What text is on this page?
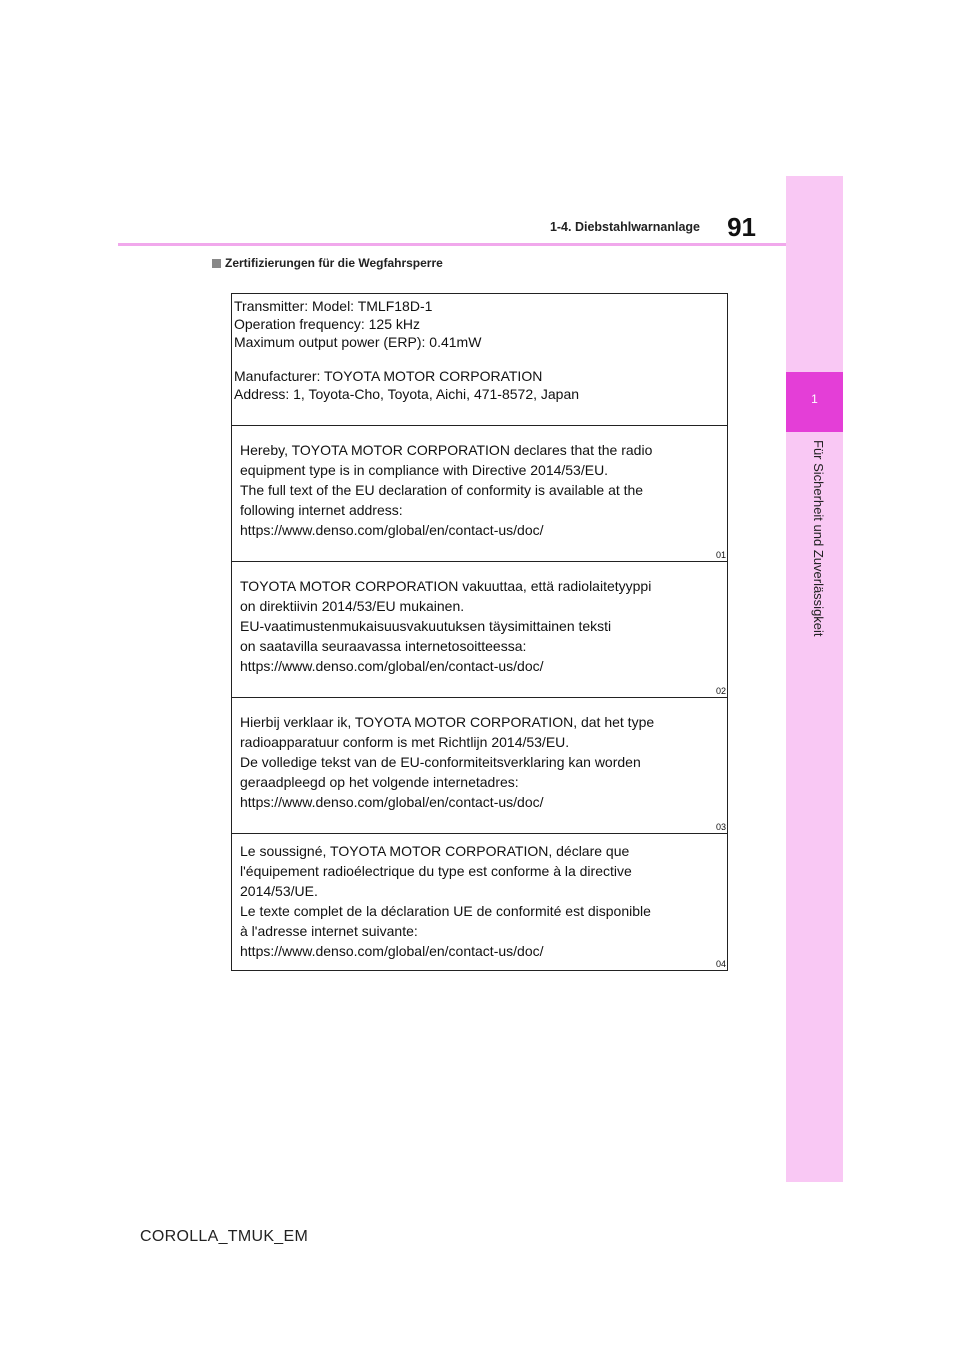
1
Für Sicherheit und Zuverlässigkeit
1-4. Diebstahlwarnanlage	91
Zertifizierungen für die Wegfahrsperre
Transmitter: Model: TMLF18D-1
Operation frequency: 125 kHz
Maximum output power (ERP): 0.41mW
Manufacturer: TOYOTA MOTOR CORPORATION
Address: 1, Toyota-Cho, Toyota, Aichi, 471-8572, Japan
Hereby, TOYOTA MOTOR CORPORATION declares that the radio
equipment type is in compliance with Directive 2014/53/EU.
The full text of the EU declaration of conformity is available at the
following internet address:
https://www.denso.com/global/en/contact-us/doc/
01
TOYOTA MOTOR CORPORATION vakuuttaa, että radiolaitetyyppi
on direktiivin 2014/53/EU mukainen.
EU-vaatimustenmukaisuusvakuutuksen täysimittainen teksti
on saatavilla seuraavassa internetosoitteessa:
https://www.denso.com/global/en/contact-us/doc/
02
Hierbij verklaar ik, TOYOTA MOTOR CORPORATION, dat het type
radioapparatuur conform is met Richtlijn 2014/53/EU.
De volledige tekst van de EU-conformiteitsverklaring kan worden
geraadpleegd op het volgende internetadres:
https://www.denso.com/global/en/contact-us/doc/
03
Le soussigné, TOYOTA MOTOR CORPORATION, déclare que
l'équipement radioélectrique du type est conforme à la directive
2014/53/UE.
Le texte complet de la déclaration UE de conformité est disponible
à l'adresse internet suivante:
https://www.denso.com/global/en/contact-us/doc/
04
COROLLA_TMUK_EM
